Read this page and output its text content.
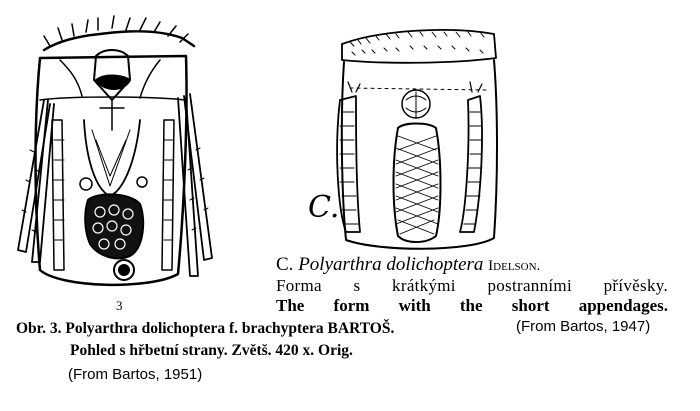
C.
C. Polyarthra dolichoptera Idelson.
Forma s krátkými postranními přívěsky.
The form with the short appendages.
(From Bartos, 1947)
3
Obr. 3. Polyarthra dolichoptera f. brachyptera BARTOŠ.
Pohled s hřbetní strany. Zvětš. 420 x. Orig.
(From Bartos, 1951)
